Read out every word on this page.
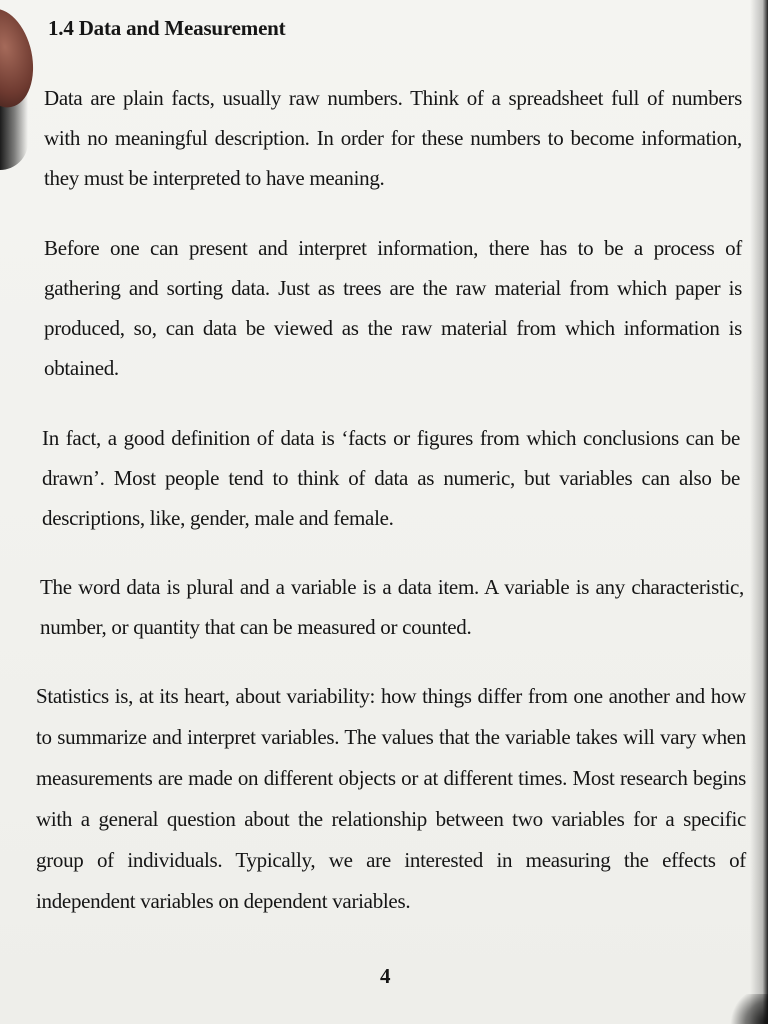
1.4 Data and Measurement

Data are plain facts, usually raw numbers. Think of a spreadsheet full of numbers with no meaningful description. In order for these numbers to become information, they must be interpreted to have meaning.

Before one can present and interpret information, there has to be a process of gathering and sorting data. Just as trees are the raw material from which paper is produced, so, can data be viewed as the raw material from which information is obtained.

In fact, a good definition of data is ‘facts or figures from which conclusions can be drawn’. Most people tend to think of data as numeric, but variables can also be descriptions, like, gender, male and female.

The word data is plural and a variable is a data item. A variable is any characteristic, number, or quantity that can be measured or counted.

Statistics is, at its heart, about variability: how things differ from one another and how to summarize and interpret variables. The values that the variable takes will vary when measurements are made on different objects or at different times. Most research begins with a general question about the relationship between two variables for a specific group of individuals. Typically, we are interested in measuring the effects of independent variables on dependent variables.

4
